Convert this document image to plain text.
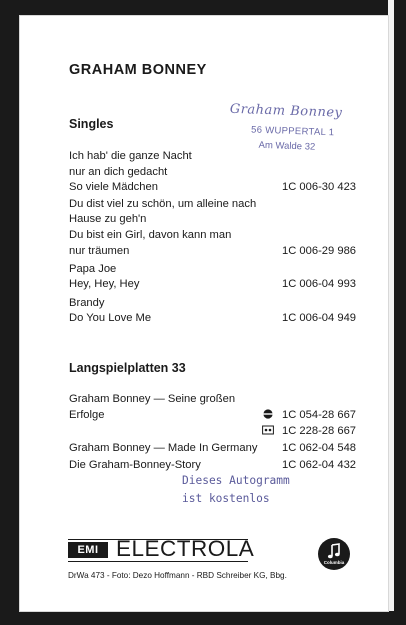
GRAHAM BONNEY
Graham Bonney
56 WUPPERTAL 1
Am Walde 32
Singles
Ich hab' die ganze Nacht
nur an dich gedacht
So viele Mädchen	1C 006-30 423
Du dist viel zu schön, um alleine nach
Hause zu geh'n
Du bist ein Girl, davon kann man
nur träumen	1C 006-29 986
Papa Joe
Hey, Hey, Hey	1C 006-04 993
Brandy
Do You Love Me	1C 006-04 949
Langspielplatten 33
Graham Bonney — Seine großen
Erfolge	1C 054-28 667
1C 228-28 667
Graham Bonney — Made In Germany 1C 062-04 548
Die Graham-Bonney-Story	1C 062-04 432
Dieses Autogramm
ist kostenlos
EMI ELECTROLA
Columbia
DrWa 473 - Foto: Dezo Hoffmann - RBD Schreiber KG, Bbg.
